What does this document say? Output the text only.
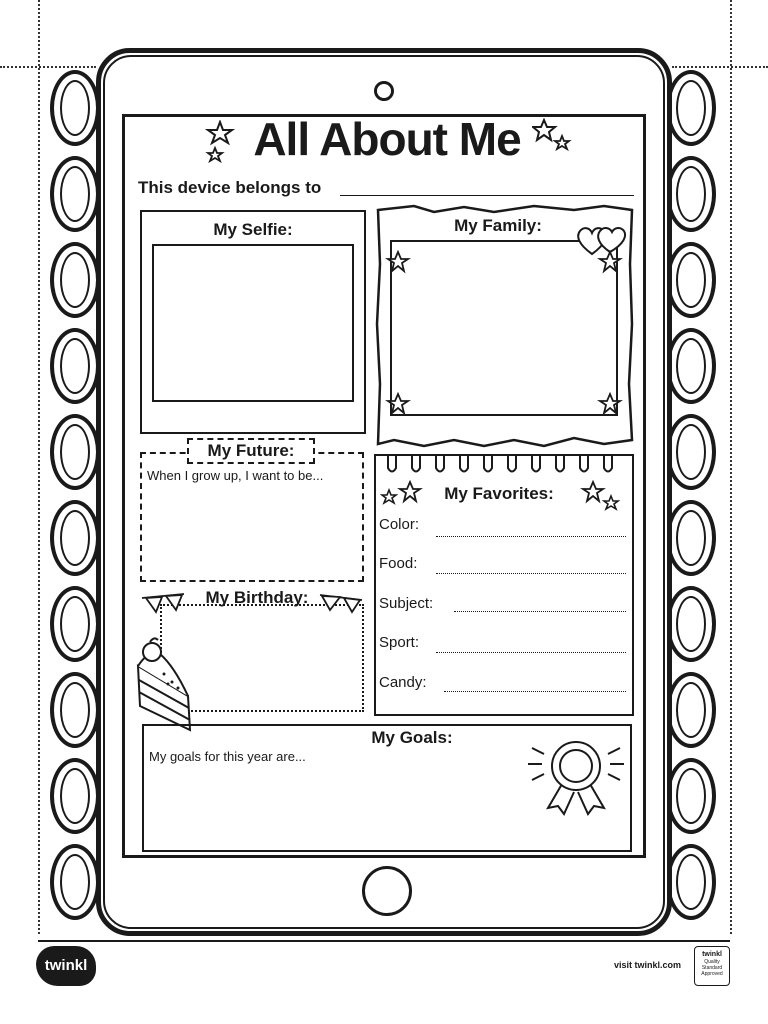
All About Me
This device belongs to
My Selfie:	My Family:
My Future:
When I grow up, I want to be...
My Favorites:
Color:
Food:
Subject:
Sport:
Candy:
My Birthday:
My Goals:
My goals for this year are...
twinkl	visit twinkl.com
twinkl
Quality Standard Approved
